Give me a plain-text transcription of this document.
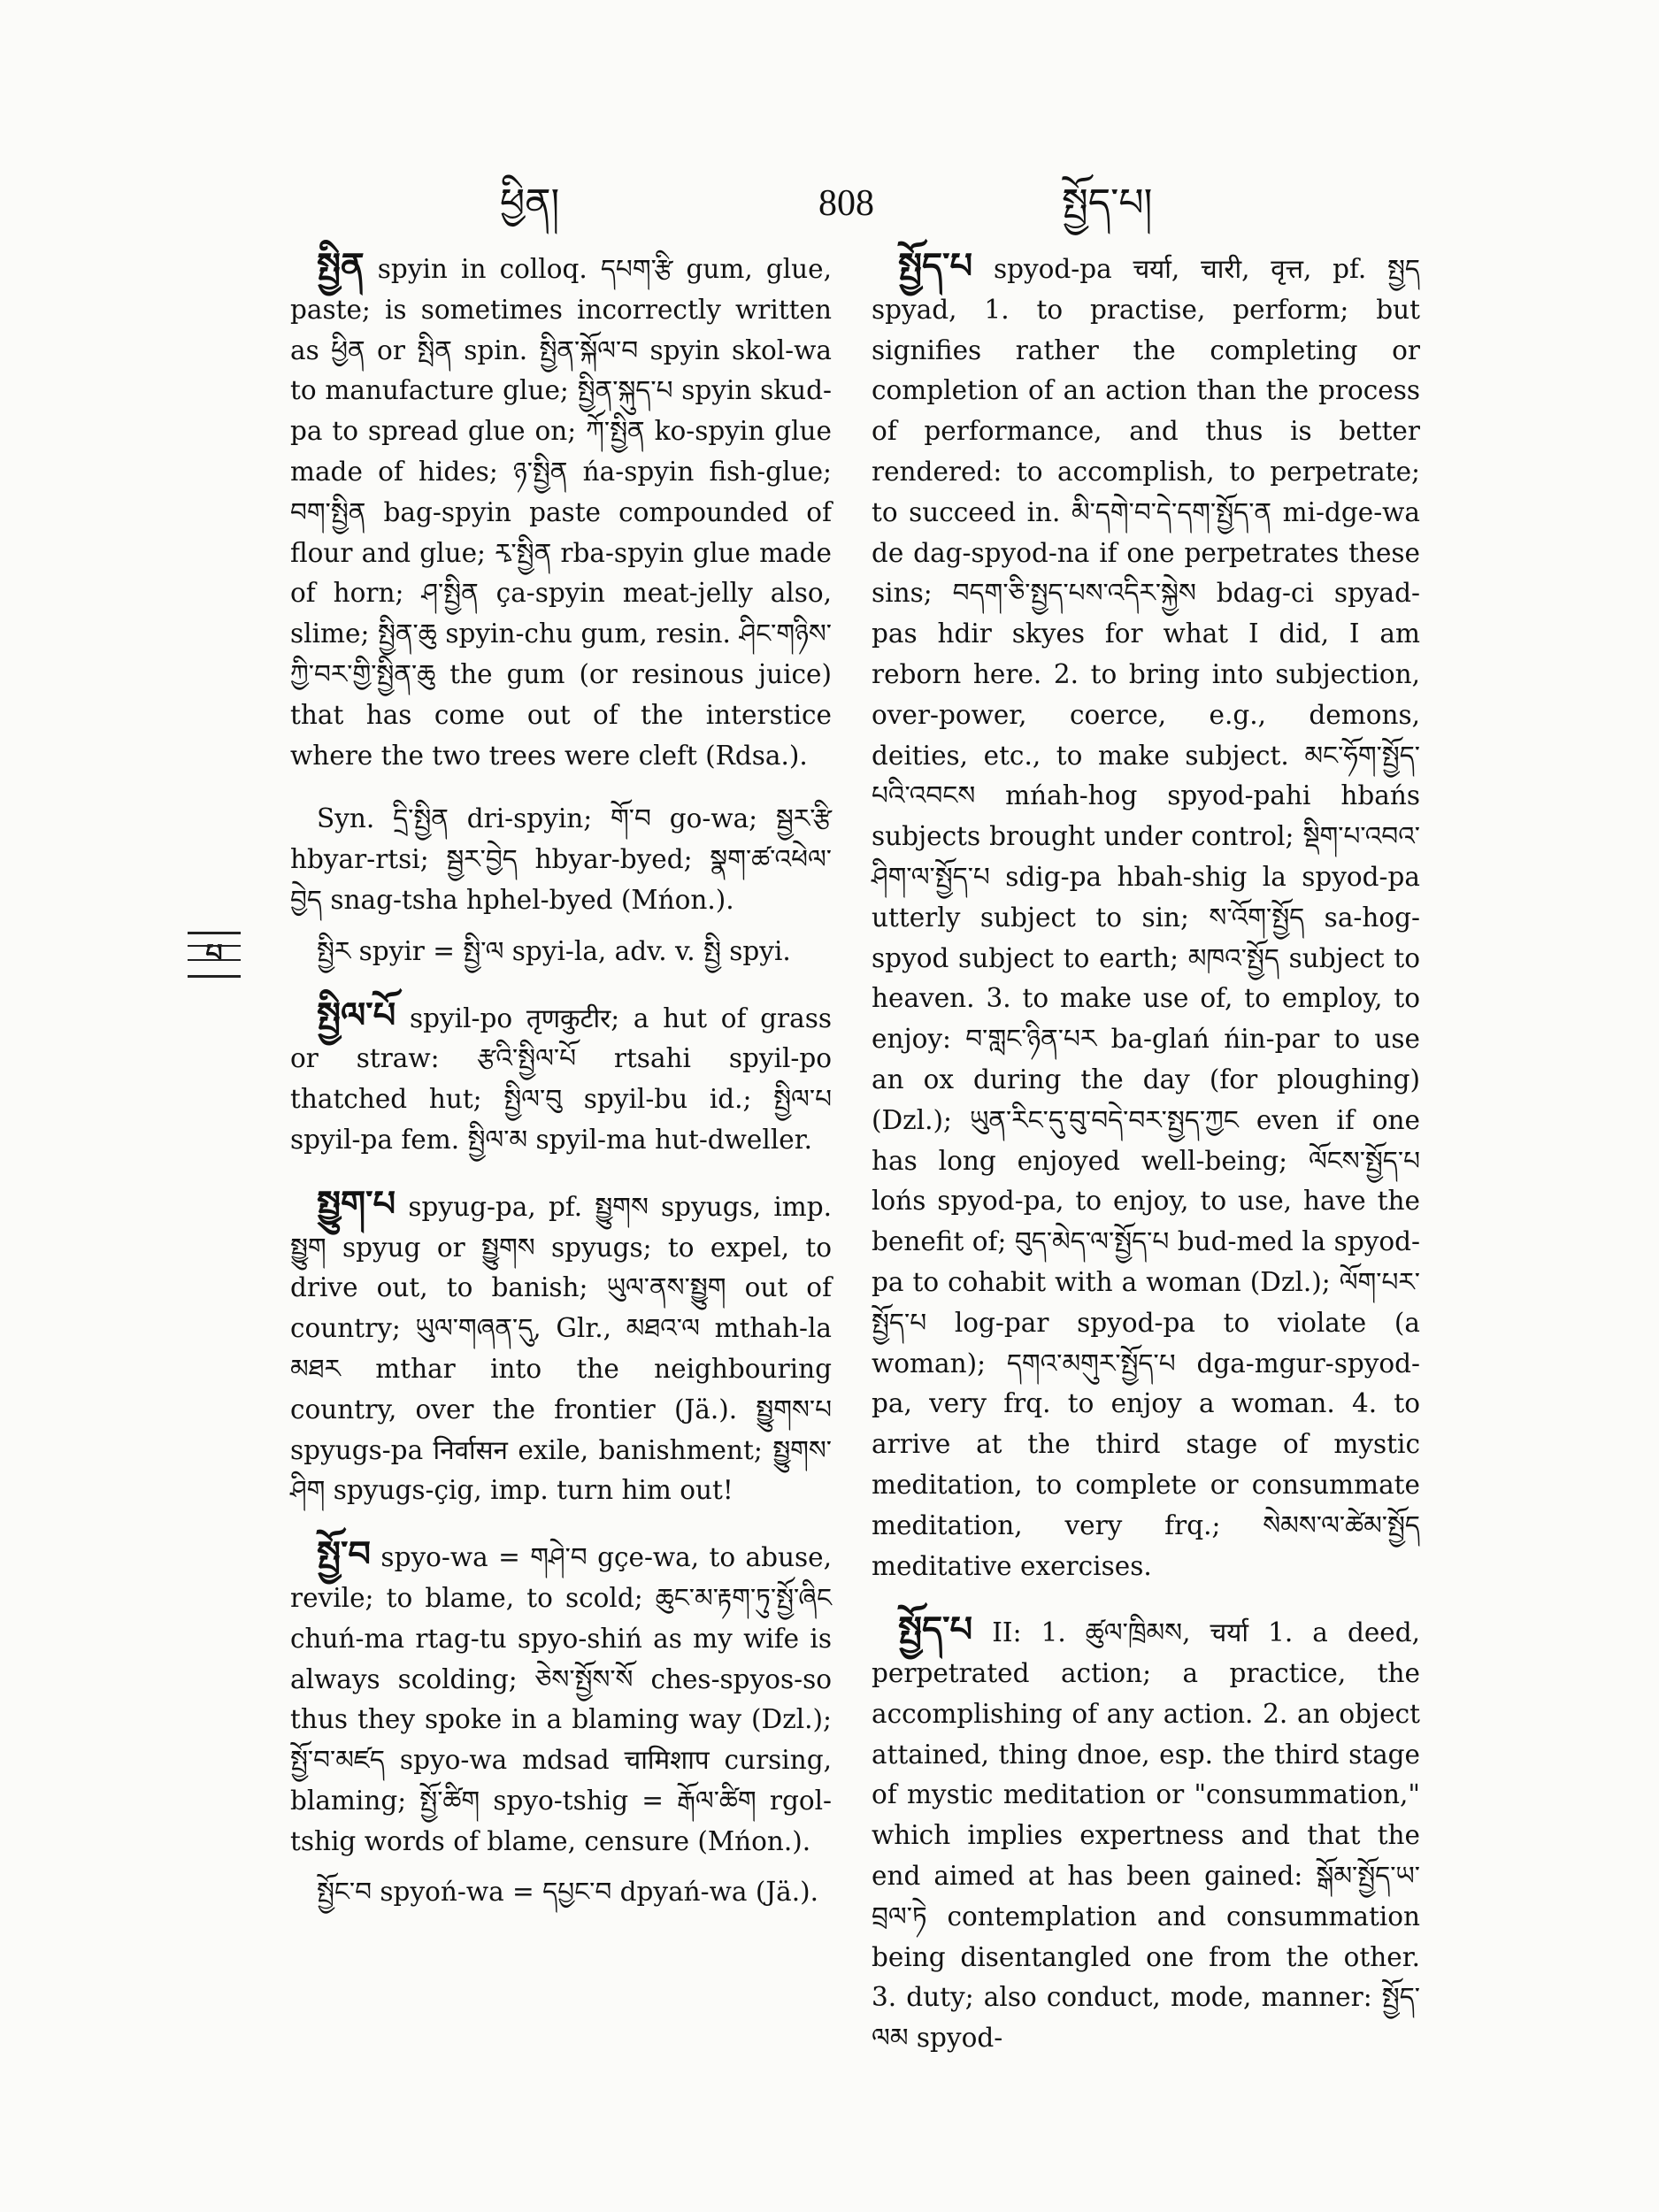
ཕྱིན།	808	སྤྱོད་པ།
པ

སྤྱིན spyin in colloq. དཔག་རྩི gum, glue, paste; is sometimes incorrectly written as ཕྱིན or སྤིན spin. སྤྱིན་སྐོལ་བ spyin skol-wa to manufacture glue; སྤྱིན་སྐུད་པ spyin skud-pa to spread glue on; ཀོ་སྤྱིན ko-spyin glue made of hides; ཉ་སྤྱིན ńa-spyin fish-glue; བག་སྤྱིན bag-spyin paste compounded of flour and glue; རྭ་སྤྱིན rba-spyin glue made of horn; ཤ་སྤྱིན ça-spyin meat-jelly also, slime; སྤྱིན་ཆུ spyin-chu gum, resin. ཤིང་གཉིས་ཀྱི་བར་གྱི་སྤྱིན་ཆུ the gum (or resinous juice) that has come out of the interstice where the two trees were cleft (Rdsa.).

Syn. དྲི་སྤྱིན dri-spyin; གོ་བ go-wa; སྦྱར་རྩི hbyar-rtsi; སྦྱར་བྱེད hbyar-byed; སྣག་ཚ་འཕེལ་བྱེད snag-tsha hphel-byed (Mńon.).

སྤྱིར spyir = སྤྱི་ལ spyi-la, adv. v. སྤྱི spyi.

སྤྱིལ་པོ spyil-po तृणकुटीर; a hut of grass or straw: རྩའི་སྤྱིལ་པོ rtsahi spyil-po thatched hut; སྤྱིལ་བུ spyil-bu id.; སྤྱིལ་པ spyil-pa fem. སྤྱིལ་མ spyil-ma hut-dweller.

སྤྱུག་པ spyug-pa, pf. སྤྱུགས spyugs, imp. སྤྱུག spyug or སྤྱུགས spyugs; to expel, to drive out, to banish; ཡུལ་ནས་སྤྱུག out of country; ཡུལ་གཞན་དུ, Glr., མཐའ་ལ mthah-la མཐར mthar into the neighbouring country, over the frontier (Jä.). སྤྱུགས་པ spyugs-pa निर्वासन exile, banishment; སྤྱུགས་ཤིག spyugs-çig, imp. turn him out!

སྤྱོ་བ spyo-wa = གཤེ་བ gçe-wa, to abuse, revile; to blame, to scold; ཆུང་མ་རྟག་ཏུ་སྤྱོ་ཞིང chuń-ma rtag-tu spyo-shiń as my wife is always scolding; ཅེས་སྤྱོས་སོ ches-spyos-so thus they spoke in a blaming way (Dzl.); སྤྱོ་བ་མཛད spyo-wa mdsad चामिशाप cursing, blaming; སྤྱོ་ཚིག spyo-tshig = རྒོལ་ཚིག rgol-tshig words of blame, censure (Mńon.).

སྤྱོང་བ spyoń-wa = དཔྱང་བ dpyań-wa (Jä.).

སྤྱོད་པ spyod-pa चर्या, चारी, वृत्त, pf. སྤྱད spyad, 1. to practise, perform; but signifies rather the completing or completion of an action than the process of performance, and thus is better rendered: to accomplish, to perpetrate; to succeed in. མི་དགེ་བ་དེ་དག་སྤྱོད་ན mi-dge-wa de dag-spyod-na if one perpetrates these sins; བདག་ཅི་སྤྱད་པས་འདིར་སྐྱེས bdag-ci spyad-pas hdir skyes for what I did, I am reborn here. 2. to bring into subjection, over-power, coerce, e.g., demons, deities, etc., to make subject. མང་ཧོག་སྤྱོད་པའི་འབངས mńah-hog spyod-pahi hbańs subjects brought under control; སྡིག་པ་འབའ་ཤིག་ལ་སྤྱོད་པ sdig-pa hbah-shig la spyod-pa utterly subject to sin; ས་འོག་སྤྱོད sa-hog-spyod subject to earth; མཁའ་སྤྱོད subject to heaven. 3. to make use of, to employ, to enjoy: བ་གླང་ཉིན་པར ba-glań ńin-par to use an ox during the day (for ploughing) (Dzl.); ཡུན་རིང་དུ་བུ་བདེ་བར་སྤྱད་ཀྱང even if one has long enjoyed well-being; ལོངས་སྤྱོད་པ lońs spyod-pa, to enjoy, to use, have the benefit of; བུད་མེད་ལ་སྤྱོད་པ bud-med la spyod-pa to cohabit with a woman (Dzl.); ལོག་པར་སྤྱོད་པ log-par spyod-pa to violate (a woman); དགའ་མགུར་སྤྱོད་པ dga-mgur-spyod-pa, very frq. to enjoy a woman. 4. to arrive at the third stage of mystic meditation, to complete or consummate meditation, very frq.; སེམས་ལ་ཚེམ་སྤྱོད meditative exercises.

སྤྱོད་པ II: 1. ཚུལ་ཁྲིམས, चर्या 1. a deed, perpetrated action; a practice, the accomplishing of any action. 2. an object attained, thing dnoe, esp. the third stage of mystic meditation or "consummation," which implies expertness and that the end aimed at has been gained: སྒོམ་སྤྱོད་ཡ་བྲལ་ཏེ contemplation and consummation being disentangled one from the other. 3. duty; also conduct, mode, manner: སྤྱོད་ལམ spyod-
